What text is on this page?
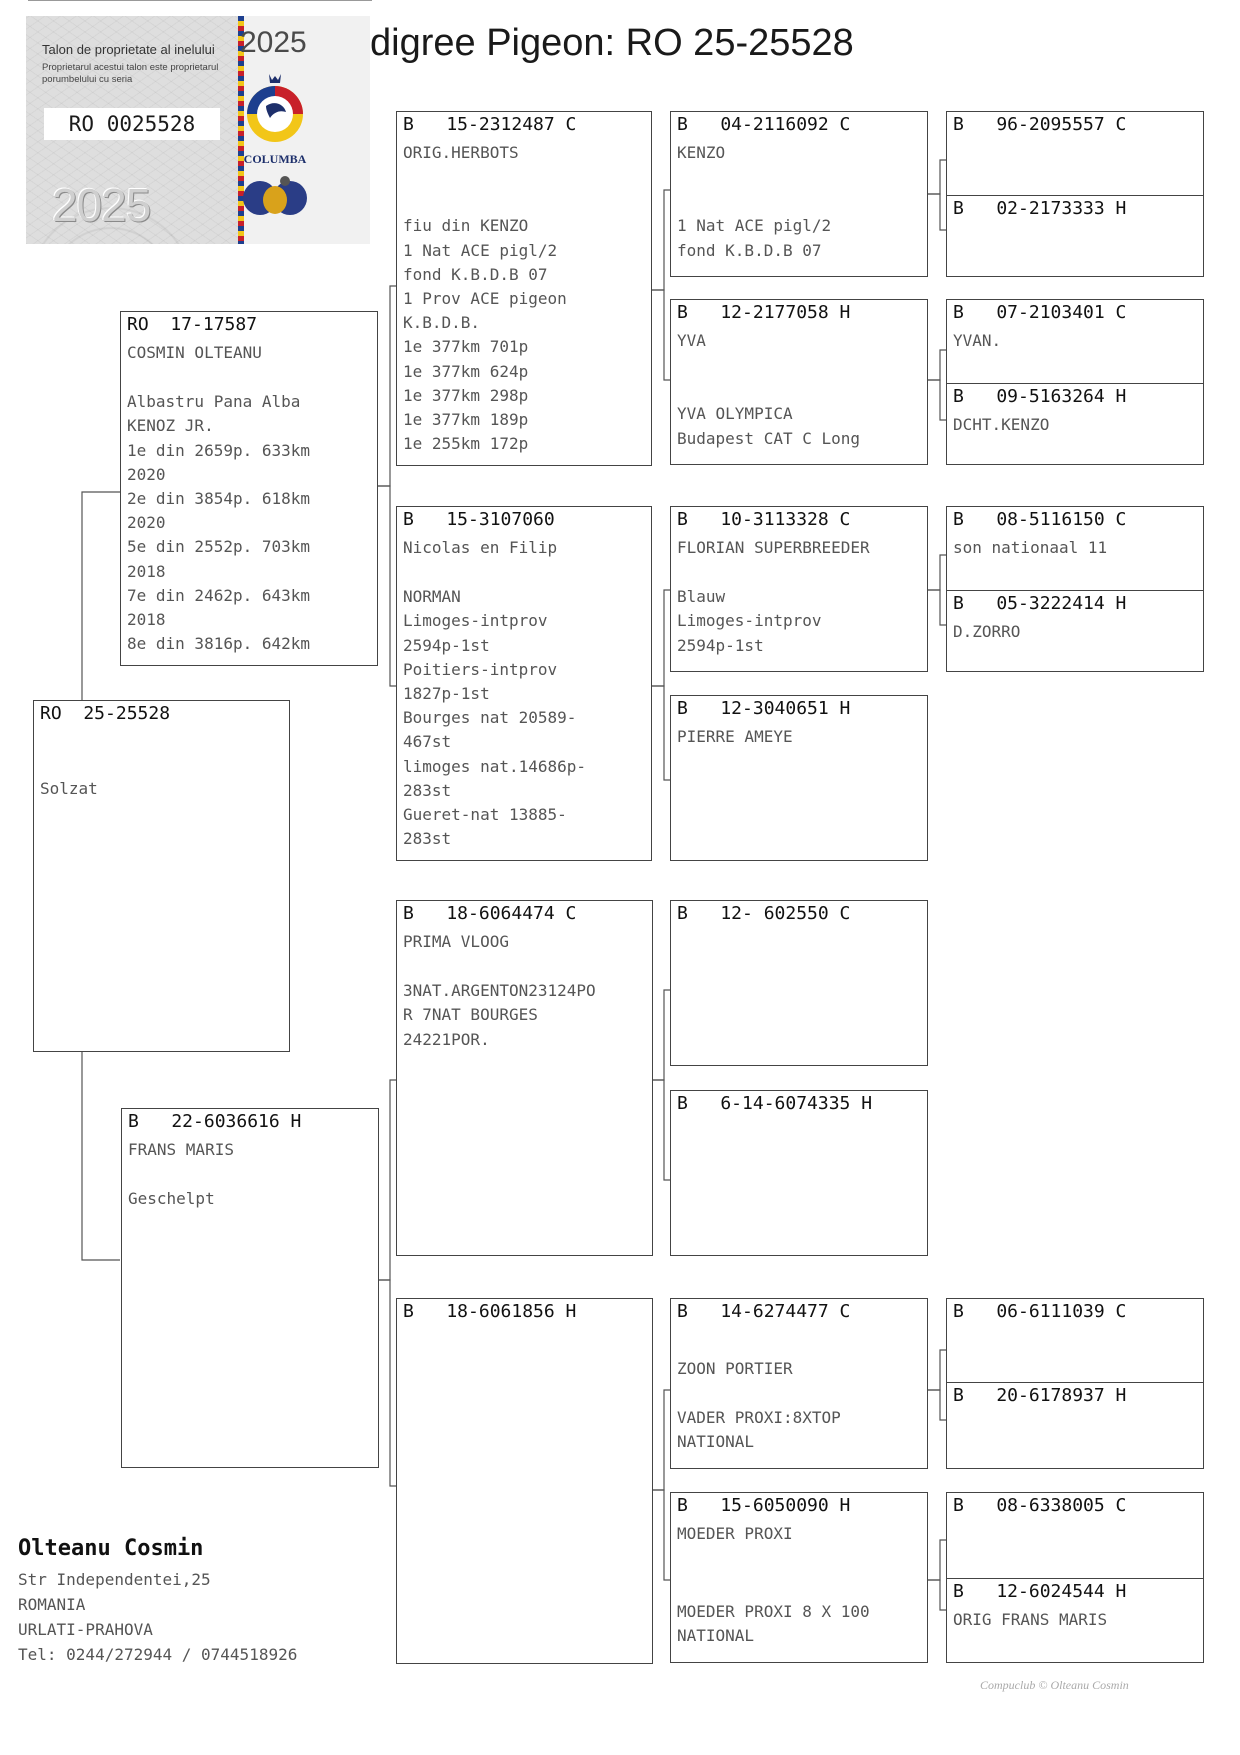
digree Pigeon: RO 25-25528
Talon de proprietate al inelului
Proprietarul acestui talon este proprietarul porumbelului cu seria
RO 0025528
2025
2025
COLUMBA
RO  25-25528
Solzat
RO  17-17587
COSMIN OLTEANU

Albastru Pana Alba
KENOZ JR.
1e din 2659p. 633km
2020
2e din 3854p. 618km
2020
5e din 2552p. 703km
2018
7e din 2462p. 643km
2018
8e din 3816p. 642km
B   22-6036616 H
FRANS MARIS

Geschelpt
B   15-2312487 C
ORIG.HERBOTS

fiu din KENZO
1 Nat ACE pigl/2
fond K.B.D.B 07
1 Prov ACE pigeon
K.B.D.B.
1e 377km 701p
1e 377km 624p
1e 377km 298p
1e 377km 189p
1e 255km 172p
B   15-3107060
Nicolas en Filip

NORMAN
Limoges-intprov
2594p-1st
Poitiers-intprov
1827p-1st
Bourges nat 20589-
467st
limoges nat.14686p-
283st
Gueret-nat 13885-
283st
B   18-6064474 C
PRIMA VLOOG

3NAT.ARGENTON23124PO
R 7NAT BOURGES
24221POR.
B   18-6061856 H
B   04-2116092 C
KENZO

1 Nat ACE pigl/2
fond K.B.D.B 07
B   12-2177058 H
YVA

YVA OLYMPICA
Budapest CAT C Long
B   10-3113328 C
FLORIAN SUPERBREEDER

Blauw
Limoges-intprov
2594p-1st
B   12-3040651 H
PIERRE AMEYE
B   12- 602550 C
B   6-14-6074335 H
B   14-6274477 C

ZOON PORTIER

VADER PROXI:8XTOP
NATIONAL
B   15-6050090 H
MOEDER PROXI

MOEDER PROXI 8 X 100
NATIONAL
B   96-2095557 C
B   02-2173333 H
B   07-2103401 C
YVAN.
B   09-5163264 H
DCHT.KENZO
B   08-5116150 C
son nationaal 11
B   05-3222414 H
D.ZORRO
B   06-6111039 C
B   20-6178937 H
B   08-6338005 C
B   12-6024544 H
ORIG FRANS MARIS
Olteanu Cosmin
Str Independentei,25
ROMANIA
URLATI-PRAHOVA
Tel: 0244/272944 / 0744518926
Compuclub © Olteanu Cosmin
